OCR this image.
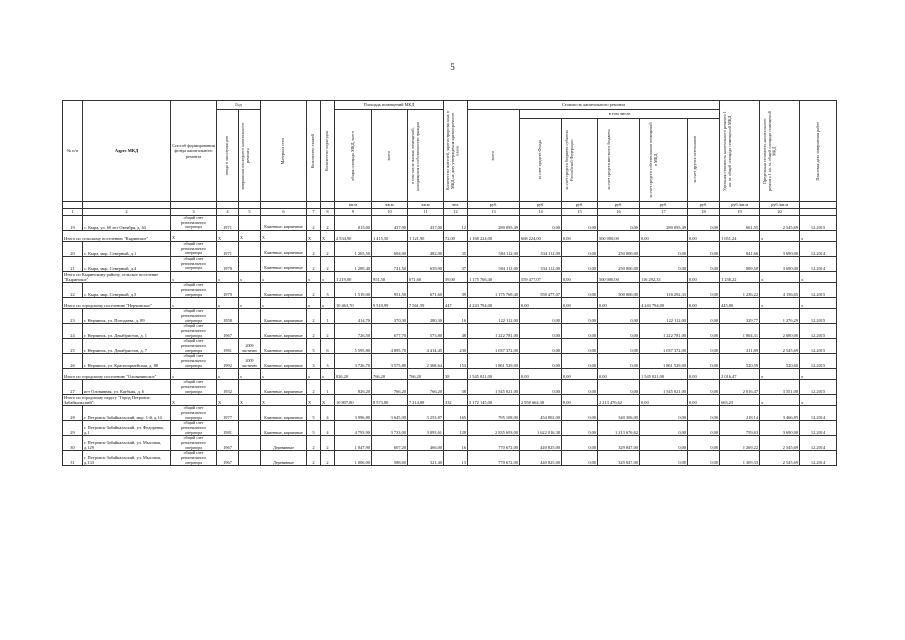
5
№ п/п	Адрес МКД	Способ формирования фонда капитального ремонта	Год		Материал стен	Количество этажей	Количество подъездов	Площадь помещений МКД			Количество жителей, зарегистрированных в МКД на дату утверждения краткосрочного плана	Стоимость капитального ремонта						Удельная стоимость капитального ремонта 1 кв. м. общей площади помещений МКД	Предельная стоимость капитального ремонта 1 кв. м. общей площади помещений МКД	Плановая дата завершения работ

			ввода в эксплуатацию	завершения последнего капитального ремонта				общая площадь МКД, всего	всего	в том числе жилых помещений, находящихся в собственности граждан		всего	в том числе							

													за счет средств Фонда	за счет средств бюджета субъекта Российской Федерации	за счет средств местного бюджета	за счет средств собственников помещений в МКД	за счет других источников			

								кв.м	кв.м	кв.м	чел.	руб.	руб.	руб.	руб.	руб.	руб.	руб./кв.м	руб./кв.м	
1	2	3	4	5	6	7	8	9	10	11	12	13	14	15	16	17	18	19	20	
19	с. Кыра, ул. 60 лет Октября, д. 63	общий счет регионального оператора	1971		Каменные, кирпичные	2	2	815,00	437,00	437,00	12	289 095,49	0,00	0,00	0,00	289 095,49	0,00	661,55	2 545,69	12.2015
Итого по сельскому поселению "Кыринское"		X	X	X	X	X	X	2 534,90	1 415,50	1 121,90	72,00	1 168 224,00	668 224,00	0,00	500 000,00	0,00	0,00	1 651,24	x	x
20	с. Кыра, мкр. Северный, д.1	общий счет регионального оператора	1971		Каменные, кирпичные	2	2	1 265,50	694,00	482,00	35	584 112,00	334 112,00	0,00	250 000,00	0,00	0,00	841,66	3 690,00	12.2014
21	с. Кыра, мкр. Северный, д.4	общий счет регионального оператора	1978		Каменные, кирпичные	2	2	1 289,40	721,50	639,90	37	584 112,00	334 112,00	0,00	250 000,00	0,00	0,00	809,58	3 690,00	12.2014
Итого по Кыринскому району, сельское поселение "Кыринское"		x	x	x	x	x	x	1 219,00	951,50	671,60	39,00	1 175 766,40	559 477,07	0,00	500 000,00	116 292,33	0,00	1 236,22	x	x
22	с. Кыра, мкр. Северный, д.5	общий счет регионального оператора	1979		Каменные, кирпичные	2	3	1 519,00	951,50	671,60	39	1 175 769,40	559 477,07	0,00	500 000,00	116 292,33	0,00	1 236,22	4 156,65	12.2015
Итого по городскому поселению "Нерчинское"		x	x	x	x	x	x	10 463,70	9 519,99	7 561,59	447	4 243 794,00	0,00	0,00	0,00	4 243 794,00	0,00	445,80	x	x
23	г. Нерчинск, ул. Погодаева, д. 89	общий счет регионального оператора	1958		Каменные, кирпичные	2	1	414,70	370,30	280,30	16	122 112,00	0,00	0,00	0,00	122 112,00	0,00	329,77	1 276,29	12.2015
24	г. Нерчинск, ул. Декабристов, д. 1	общий счет регионального оператора	1967		Каменные, кирпичные	2	2	726,50	677,70	573,80	48	1 222 781,00	0,00	0,00	0,00	1 222 781,00	0,00	1 804,31	2 680,00	12.2015
25	г. Нерчинск, ул. Декабристов, д. 7	общий счет регионального оператора	1981	2009 частично	Каменные, кирпичные	5	6	5 595,80	4 895,70	4 414,45	230	1 037 372,00	0,00	0,00	0,00	1 037 372,00	0,00	211,89	2 545,69	12.2015
26	г. Нерчинск, ул. Красноармейская, д. 88	общий счет регионального оператора	1992	2009 частично	Каменные, кирпичные	3	3	3 726,70	3 575,80	2 368,64	153	1 861 529,00	0,00	0,00	0,00	1 861 529,00	0,00	520,59	520,60	12.2015
Итого по городскому поселению "Оловянинское"		x	x	x	x	x	x	826,20	766,20	766,20	38	1 545 021,00	0,00	0,00	0,00	1 545 021,00	0,00	2 016,47	x	x
27	пгт Оловянная, ул. Каубыш, д. 6	общий счет регионального оператора	1932		Каменные, кирпичные	2	1	826,20	766,20	766,20	38	1 545 021,00	0,00	0,00	0,00	1 545 021,00	0,00	2 016,47	3 551,00	12.2015
Итого по городскому округу "Город Петровск-Забайкальский":		X	X	X	X	X	X	10 807,80	8 573,80	7 214,88	332	5 172 145,00	2 958 664,38	0,00	2 213 476,62	0,00	0,00	665,25	x	x
28	г. Петровск-Забайкальский, мкр. 1-й, д.14	общий счет регионального оператора	1977		Каменные, кирпичные	5	4	3 996,80	3 645,00	3 253,87	165	795 108,00	454 802,00	0,00	340 306,00	0,00	0,00	218,14	3 466,85	12.2014
29	г. Петровск-Забайкальский, ул. Федоренко, д.1	общий счет регионального оператора	1981		Каменные, кирпичные	5	4	4 793,90	3 733,00	3 093,61	128	2 835 693,00	1 622 016,38	0,00	1 213 676,62	0,00	0,00	759,63	3 690,00	12.2014
30	г. Петровск-Забайкальский, ул. Мысовая, д.129	общий счет регионального оператора	1967		Деревянные	2	2	1 047,90	607,20	466,00	16	770 672,00	440 825,00	0,00	329 847,00	0,00	0,00	1 269,22	2 545,69	12.2014
31	г. Петровск-Забайкальский, ул. Мысовая, д.133	общий счет регионального оператора	1967		Деревянные	2	2	1 006,00	588,60	321,40	13	770 672,00	440 825,00	0,00	329 847,00	0,00	0,00	1 309,33	2 545,69	12.2014
